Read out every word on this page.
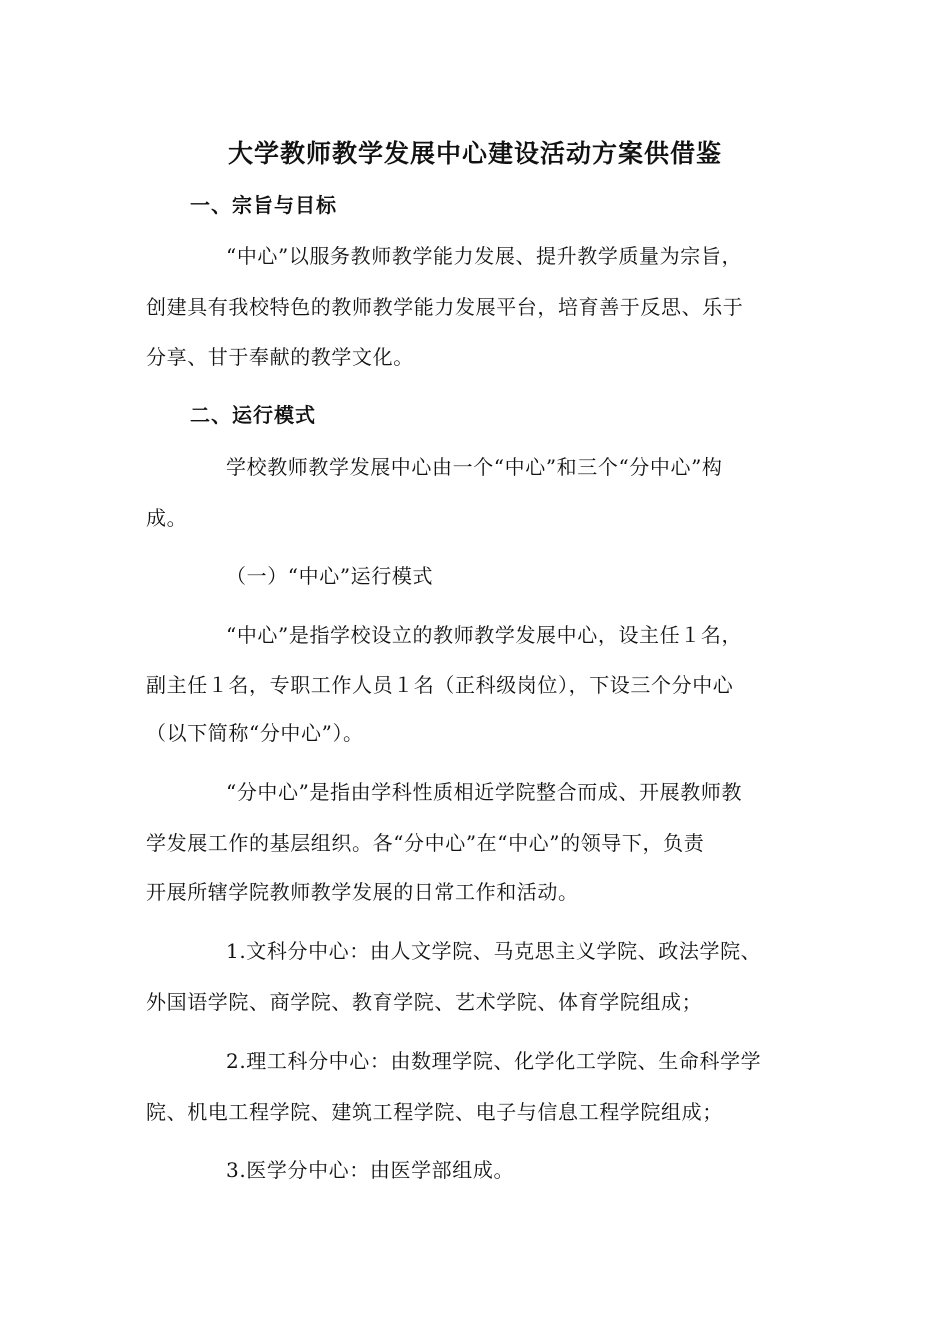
大学教师教学发展中心建设活动方案供借鉴
一、宗旨与目标
“中心”以服务教师教学能力发展、提升教学质量为宗旨，
创建具有我校特色的教师教学能力发展平台，培育善于反思、乐于
分享、甘于奉献的教学文化。
二、运行模式
学校教师教学发展中心由一个“中心”和三个“分中心”构
成。
（一）“中心”运行模式
“中心”是指学校设立的教师教学发展中心，设主任１名，
副主任１名，专职工作人员１名（正科级岗位），下设三个分中心
（以下简称“分中心”）。
“分中心”是指由学科性质相近学院整合而成、开展教师教
学发展工作的基层组织。各“分中心”在“中心”的领导下，负责
开展所辖学院教师教学发展的日常工作和活动。
1.文科分中心：由人文学院、马克思主义学院、政法学院、
外国语学院、商学院、教育学院、艺术学院、体育学院组成；
2.理工科分中心：由数理学院、化学化工学院、生命科学学
院、机电工程学院、建筑工程学院、电子与信息工程学院组成；
3.医学分中心：由医学部组成。
